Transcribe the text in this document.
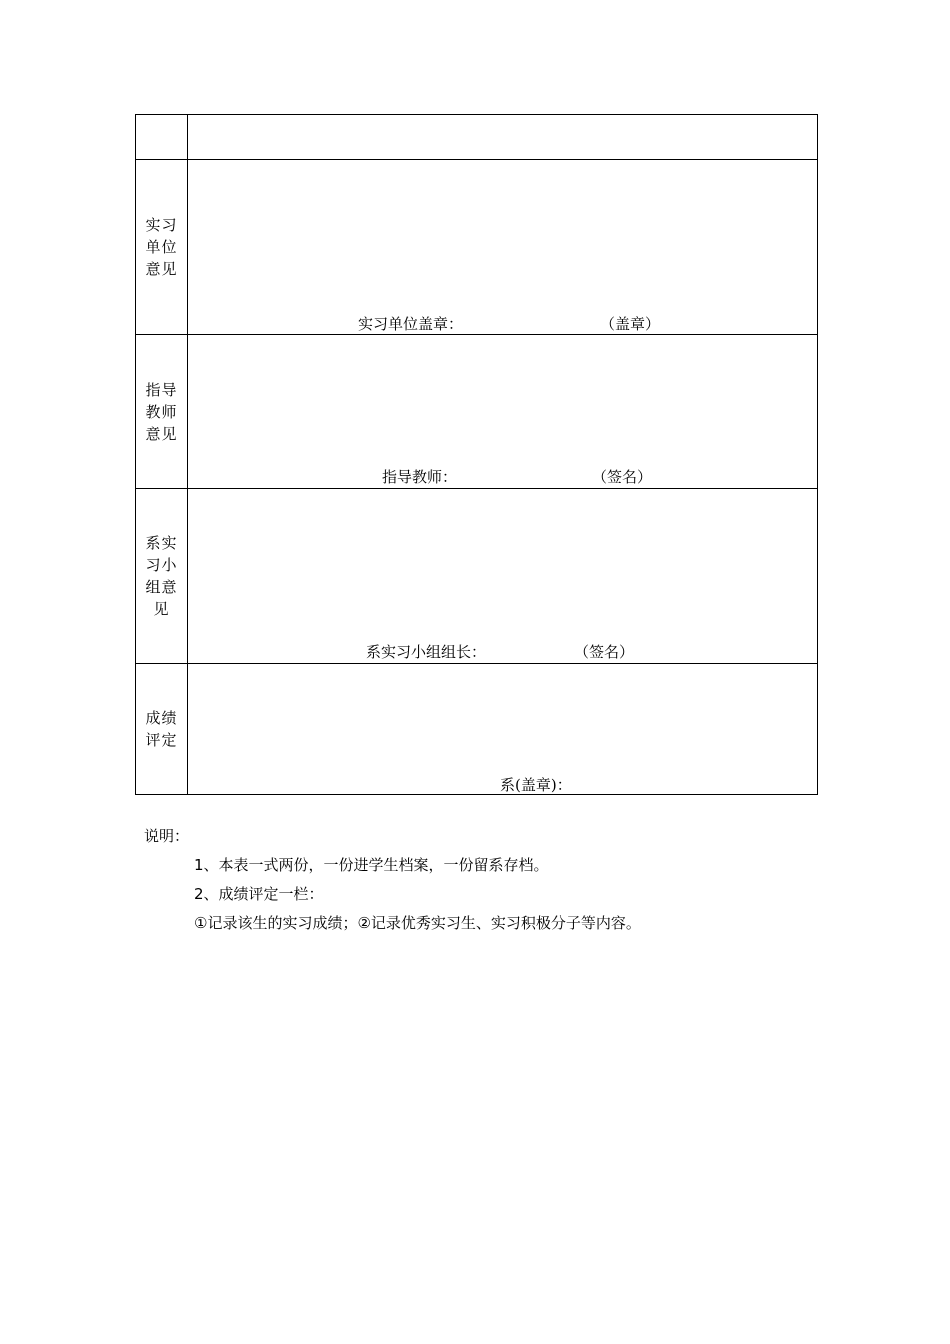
实习单位意见	实习单位盖章： （盖章）

指导教师意见	指导教师： （签名）

系实习小组意见	系实习小组组长： （签名）

成绩评定	系(盖章)：
说明：
1、本表一式两份，一份进学生档案，一份留系存档。
2、成绩评定一栏：
①记录该生的实习成绩；②记录优秀实习生、实习积极分子等内容。
